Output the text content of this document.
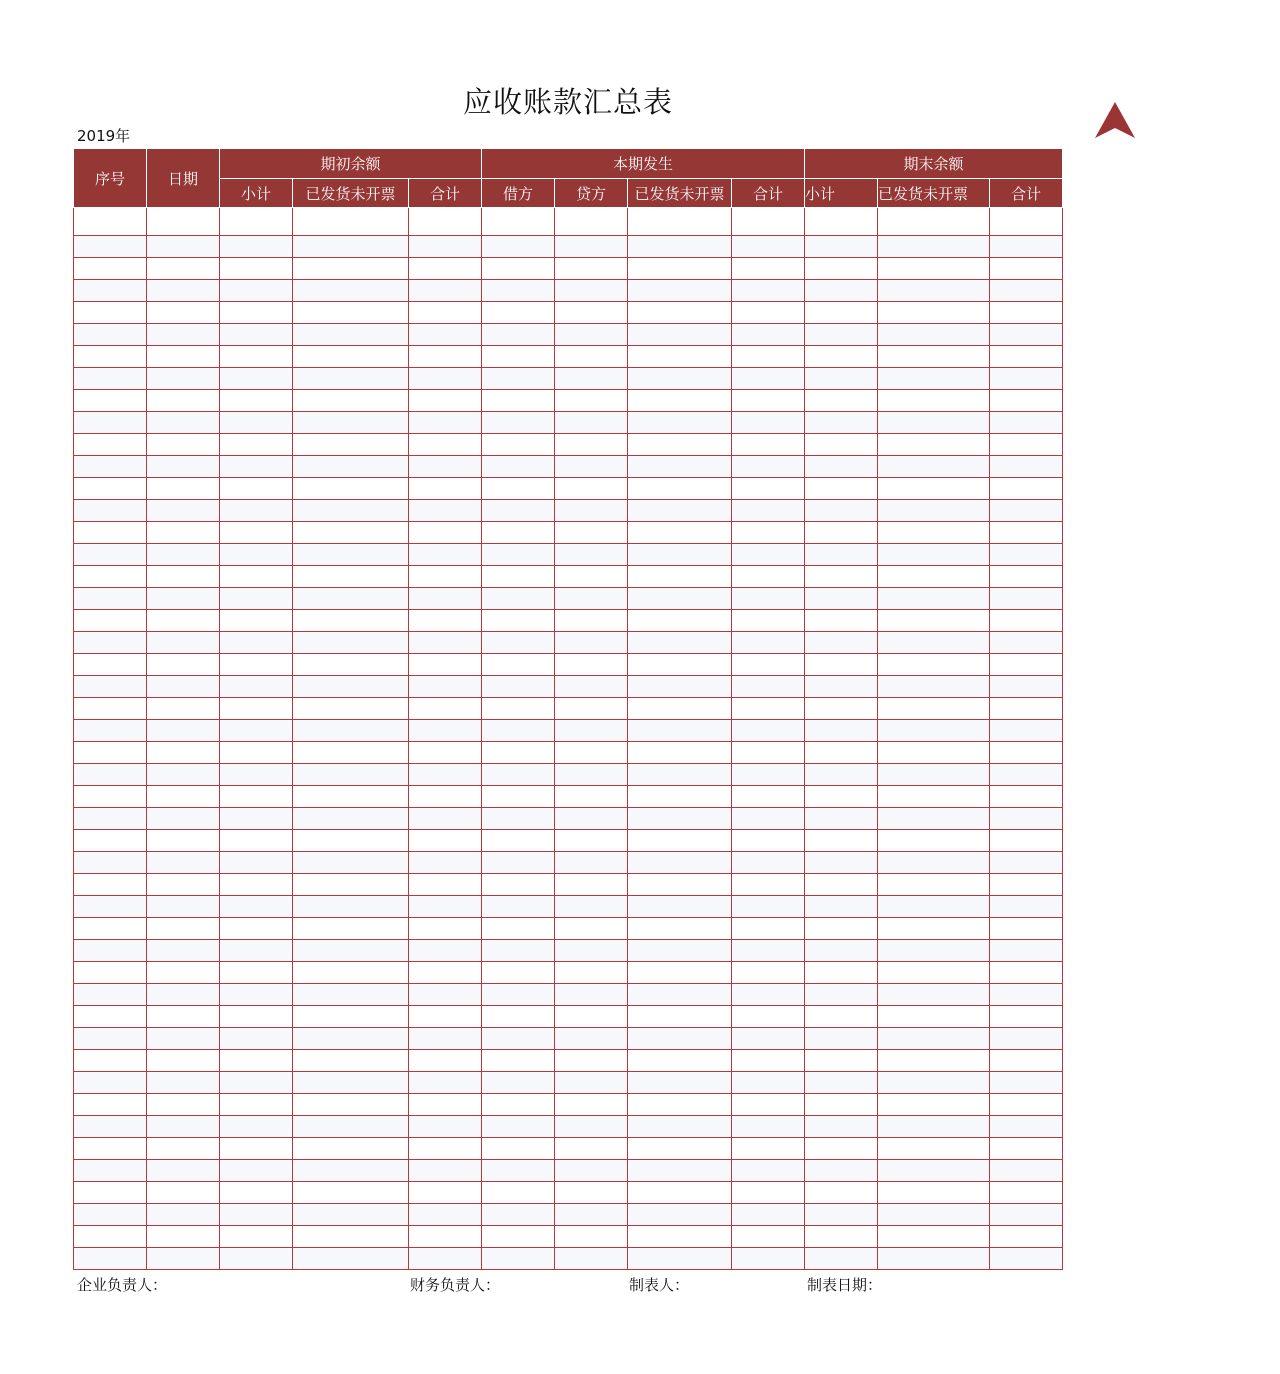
应收账款汇总表
2019年
序号	日期	期初余额			本期发生				期末余额		
		小计	已发货未开票	合计	借方	贷方	已发货未开票	合计	小计	已发货未开票	合计

企业负责人：	财务负责人：	制表人：	制表日期：
